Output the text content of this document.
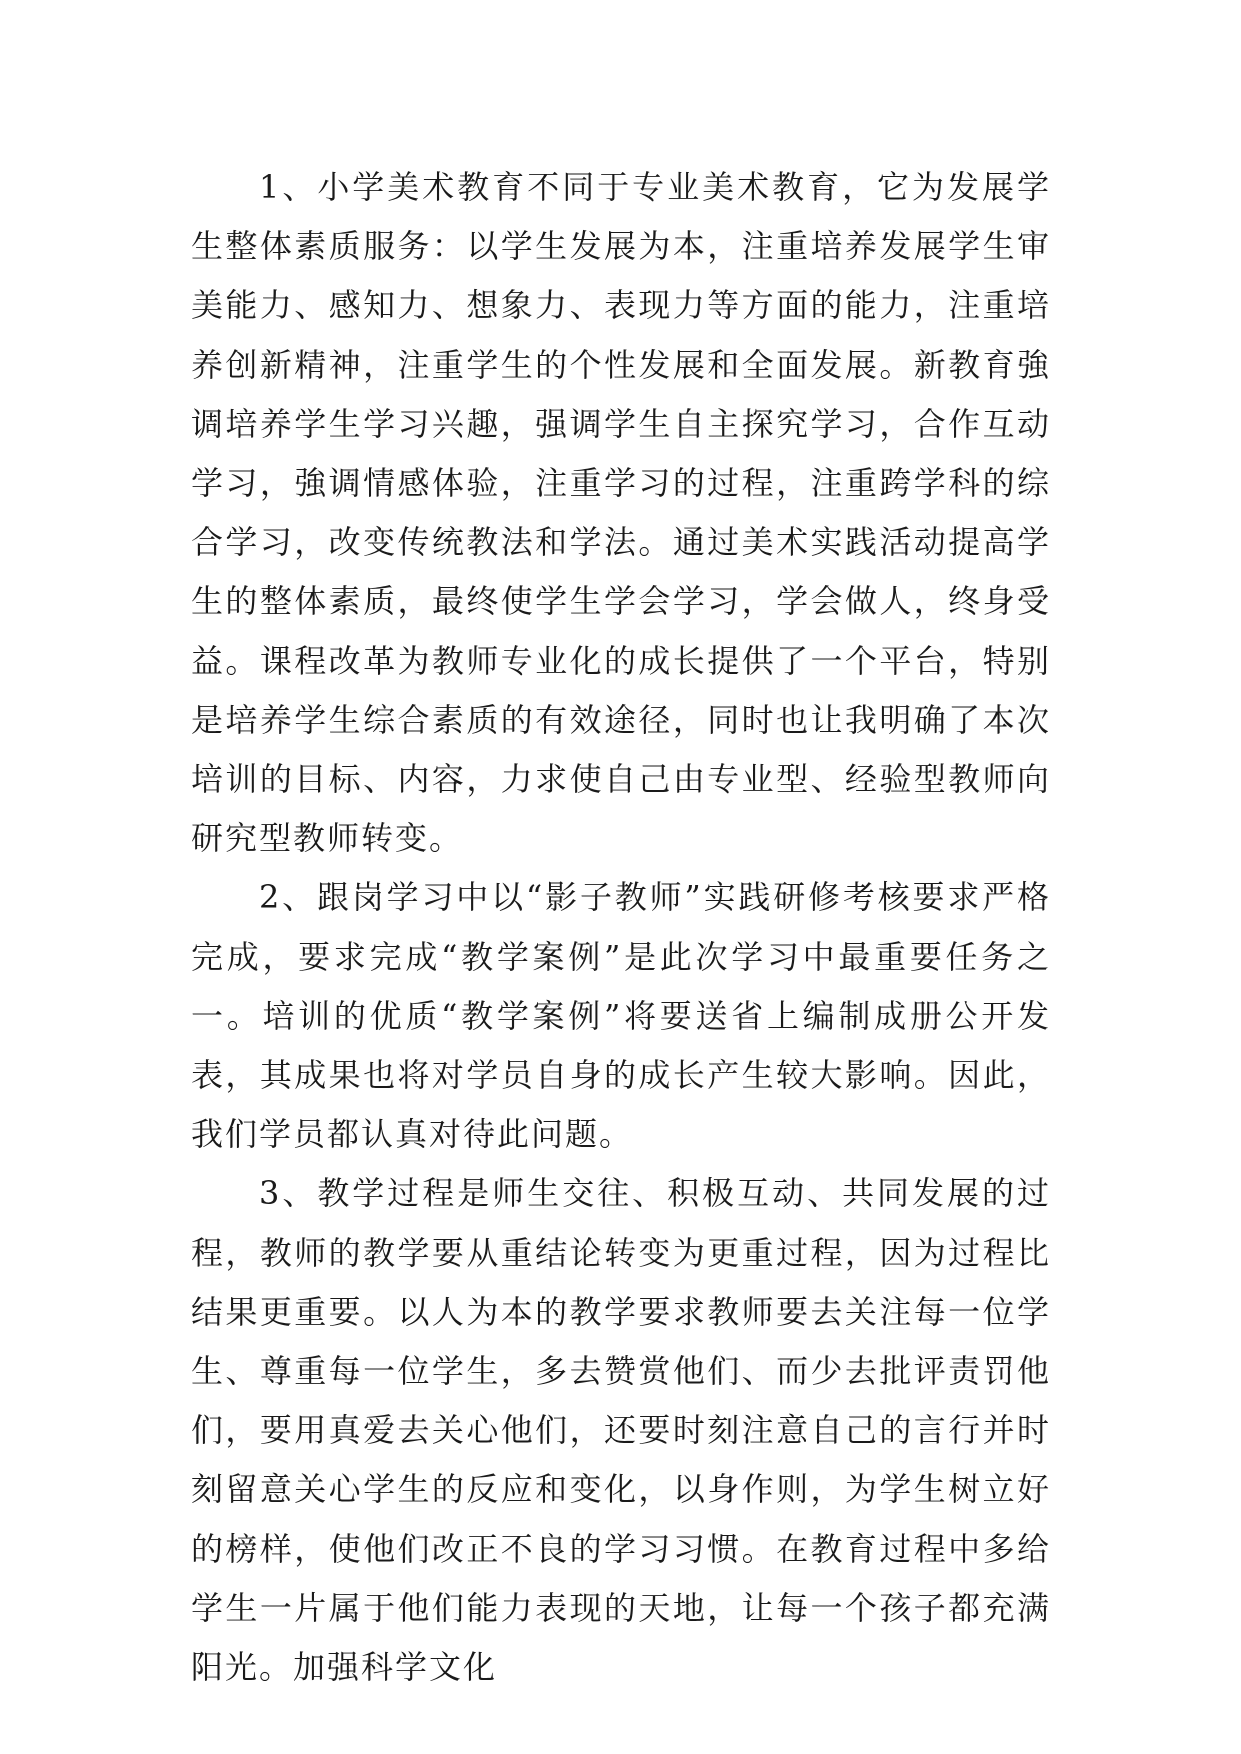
1、小学美术教育不同于专业美术教育，它为发展学生整体素质服务：以学生发展为本，注重培养发展学生审美能力、感知力、想象力、表现力等方面的能力，注重培养创新精神，注重学生的个性发展和全面发展。新教育強调培养学生学习兴趣，强调学生自主探究学习，合作互动学习，強调情感体验，注重学习的过程，注重跨学科的综合学习，改变传统教法和学法。通过美术实践活动提高学生的整体素质，最终使学生学会学习，学会做人，终身受益。课程改革为教师专业化的成长提供了一个平台，特别是培养学生综合素质的有效途径，同时也让我明确了本次培训的目标、内容，力求使自己由专业型、经验型教师向研究型教师转变。

2、跟岗学习中以“影子教师”实践研修考核要求严格完成，要求完成“教学案例”是此次学习中最重要任务之一。培训的优质“教学案例”将要送省上编制成册公开发表，其成果也将对学员自身的成长产生较大影响。因此，我们学员都认真对待此问题。

3、教学过程是师生交往、积极互动、共同发展的过程，教师的教学要从重结论转变为更重过程，因为过程比结果更重要。以人为本的教学要求教师要去关注每一位学生、尊重每一位学生，多去赞赏他们、而少去批评责罚他们，要用真爱去关心他们，还要时刻注意自己的言行并时刻留意关心学生的反应和变化，以身作则，为学生树立好的榜样，使他们改正不良的学习习惯。在教育过程中多给学生一片属于他们能力表现的天地，让每一个孩子都充满阳光。加强科学文化
